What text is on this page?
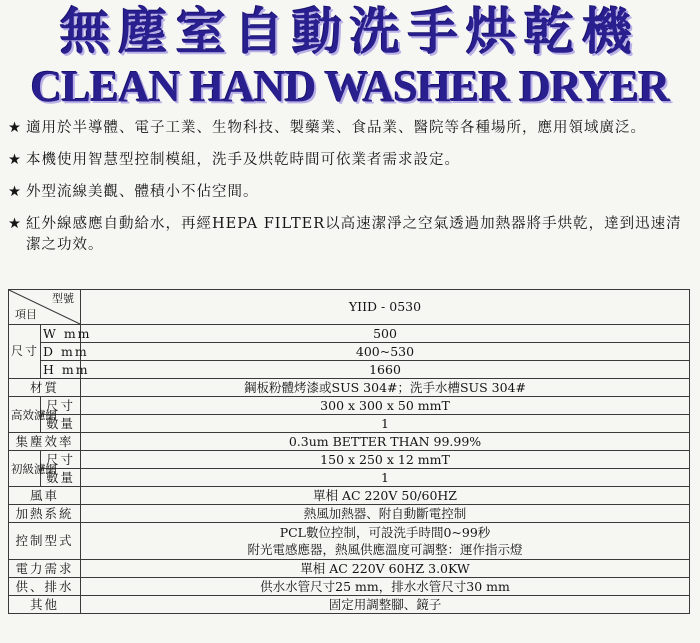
無塵室自動洗手烘乾機
CLEAN HAND WASHER DRYER
★ 適用於半導體、電子工業、生物科技、製藥業、食品業、醫院等各種場所，應用領域廣泛。
★ 本機使用智慧型控制模組，洗手及烘乾時間可依業者需求設定。
★ 外型流線美觀、體積小不佔空間。
★ 紅外線感應自動給水，再經HEPA FILTER以高速潔淨之空氣透過加熱器將手烘乾，達到迅速清潔之功效。
型號
項目		YIID - 0530

尺寸	W mm	500
	D mm	400~530
	H mm	1660
材質		鋼板粉體烤漆或SUS 304#；洗手水槽SUS 304#

高效濾網	尺寸	300 x 300 x 50 mmT
	數量	1
集塵效率		0.3um BETTER THAN 99.99%

初級濾網	尺寸	150 x 250 x 12 mmT
	數量	1
風車		單相 AC 220V 50/60HZ
加熱系統		熱風加熱器、附自動斷電控制
控制型式		PCL數位控制，可設洗手時間0~99秒
附光電感應器，熱風供應溫度可調整：運作指示燈

電力需求		單相 AC 220V 60HZ 3.0KW
供、排水		供水水管尺寸25 mm，排水水管尺寸30 mm
其他		固定用調整腳、鏡子
